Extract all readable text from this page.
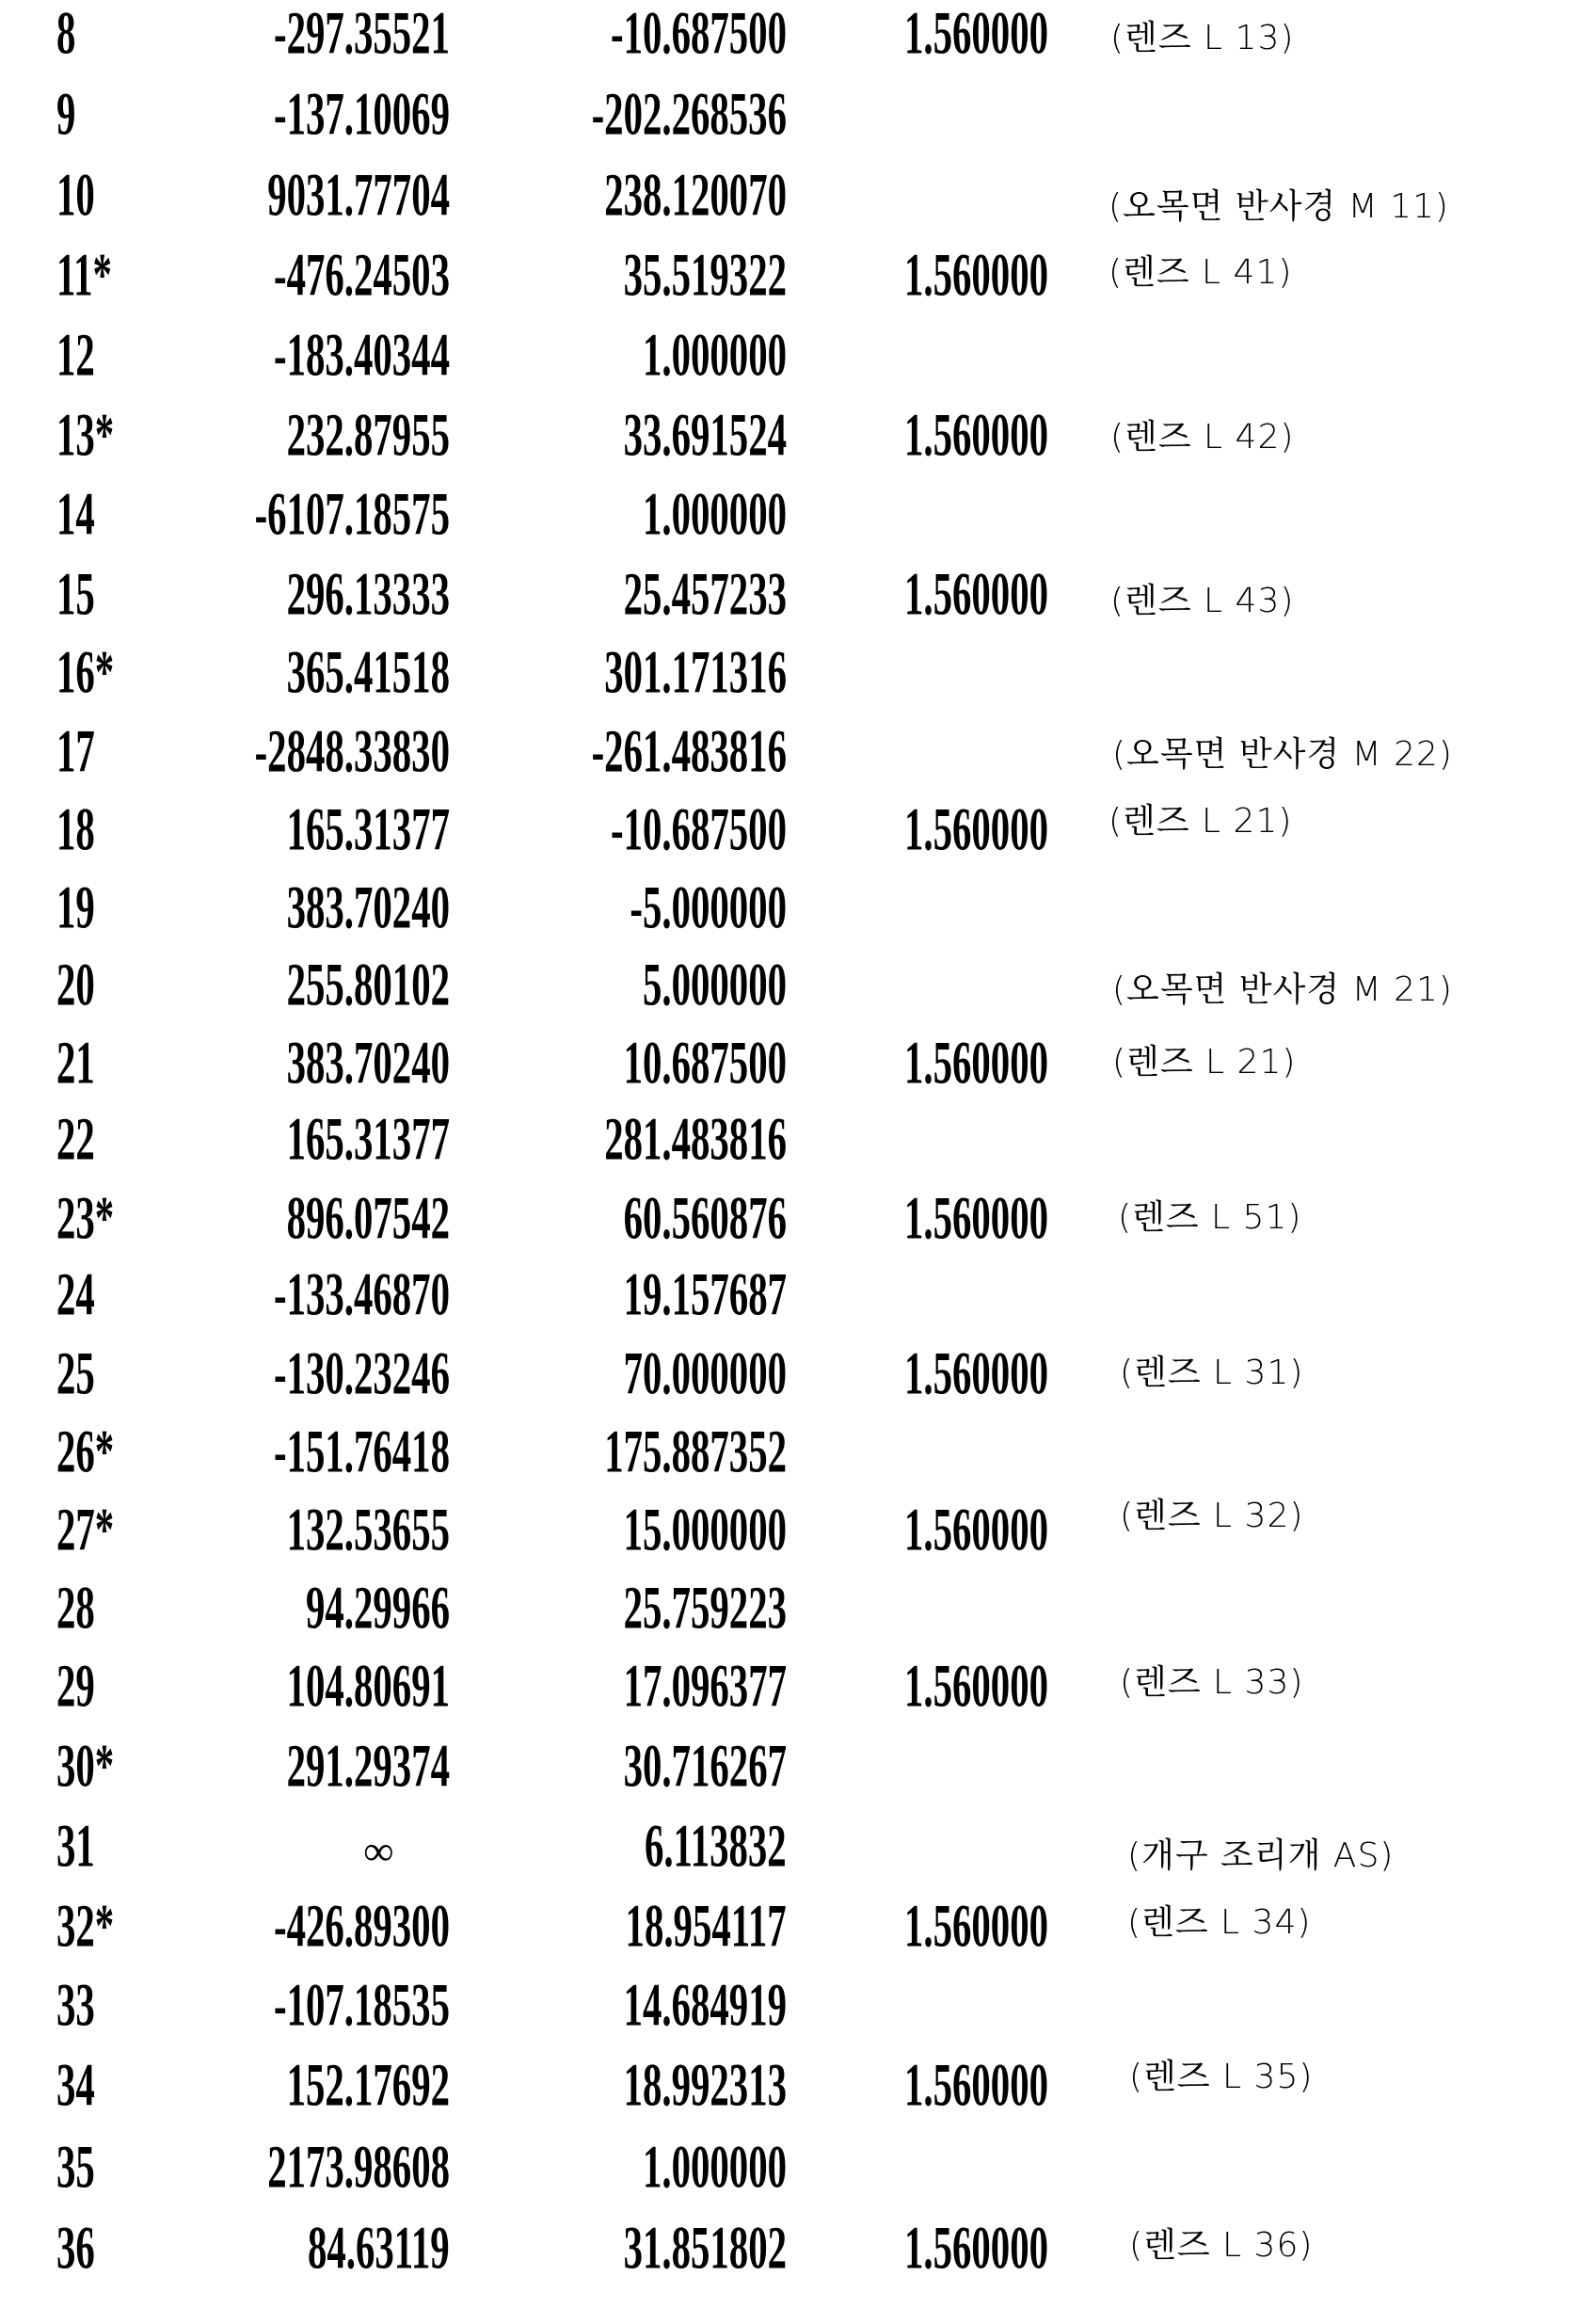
8	-297.35521	-10.687500	1.560000
9	-137.10069	-202.268536
10	9031.77704	238.120070
11*	-476.24503	35.519322	1.560000
12	-183.40344	1.000000
13*	232.87955	33.691524	1.560000
14	-6107.18575	1.000000
15	296.13333	25.457233	1.560000
16*	365.41518	301.171316
17	-2848.33830	-261.483816
18	165.31377	-10.687500	1.560000
19	383.70240	-5.000000
20	255.80102	5.000000
21	383.70240	10.687500	1.560000
22	165.31377	281.483816
23*	896.07542	60.560876	1.560000
24	-133.46870	19.157687
25	-130.23246	70.000000	1.560000
26*	-151.76418	175.887352
27*	132.53655	15.000000	1.560000
28	94.29966	25.759223
29	104.80691	17.096377	1.560000
30*	291.29374	30.716267
31	∞	6.113832
32*	-426.89300	18.954117	1.560000
33	-107.18535	14.684919
34	152.17692	18.992313	1.560000
35	2173.98608	1.000000
36	84.63119	31.851802	1.560000
(렌즈 L 13)
(오목면 반사경 M 11)
(렌즈 L 41)
(렌즈 L 42)
(렌즈 L 43)
(오목면 반사경 M 22)
(렌즈 L 21)
(오목면 반사경 M 21)
(렌즈 L 21)
(렌즈 L 51)
(렌즈 L 31)
(렌즈 L 32)
(렌즈 L 33)
(개구 조리개 AS)
(렌즈 L 34)
(렌즈 L 35)
(렌즈 L 36)
